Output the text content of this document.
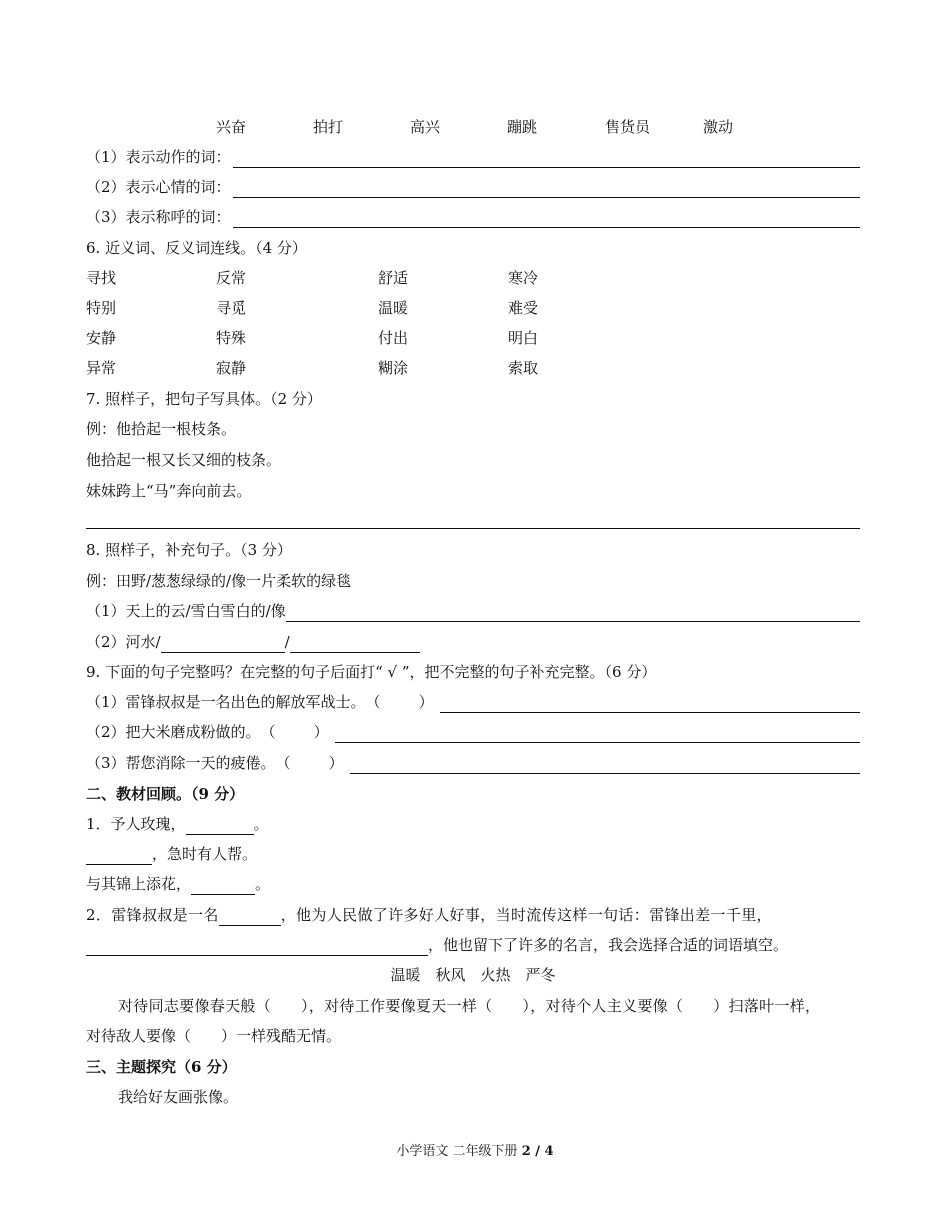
兴奋	拍打	高兴	蹦跳	售货员	激动
（1）表示动作的词：
（2）表示心情的词：
（3）表示称呼的词：
6. 近义词、反义词连线。（4 分）
寻找	反常	舒适	寒冷
特别	寻觅	温暖	难受
安静	特殊	付出	明白
异常	寂静	糊涂	索取
7. 照样子，把句子写具体。（2 分）
例：他拾起一根枝条。
他拾起一根又长又细的枝条。
妹妹跨上“马”奔向前去。
8. 照样子，补充句子。（3 分）
例：田野/葱葱绿绿的/像一片柔软的绿毯
（1）天上的云/雪白雪白的/像
（2）河水/	/
9. 下面的句子完整吗？在完整的句子后面打“ √ ”，把不完整的句子补充完整。（6 分）
（1）雷锋叔叔是一名出色的解放军战士。 （	）
（2）把大米磨成粉做的。 （	）
（3）帮您消除一天的疲倦。 （	）
二、教材回顾。（9 分）
1．予人玫瑰，	。
，急时有人帮。
与其锦上添花，	。
2．雷锋叔叔是一名	，他为人民做了许多好人好事，当时流传这样一句话：雷锋出差一千里，
，他也留下了许多的名言，我会选择合适的词语填空。
温暖　秋风　火热　严冬
对待同志要像春天般（ ），对待工作要像夏天一样（ ），对待个人主义要像（ ）扫落叶一样，
对待敌人要像（ ）一样残酷无情。
三、主题探究（6 分）
我给好友画张像。
小学语文 二年级下册 2 / 4
